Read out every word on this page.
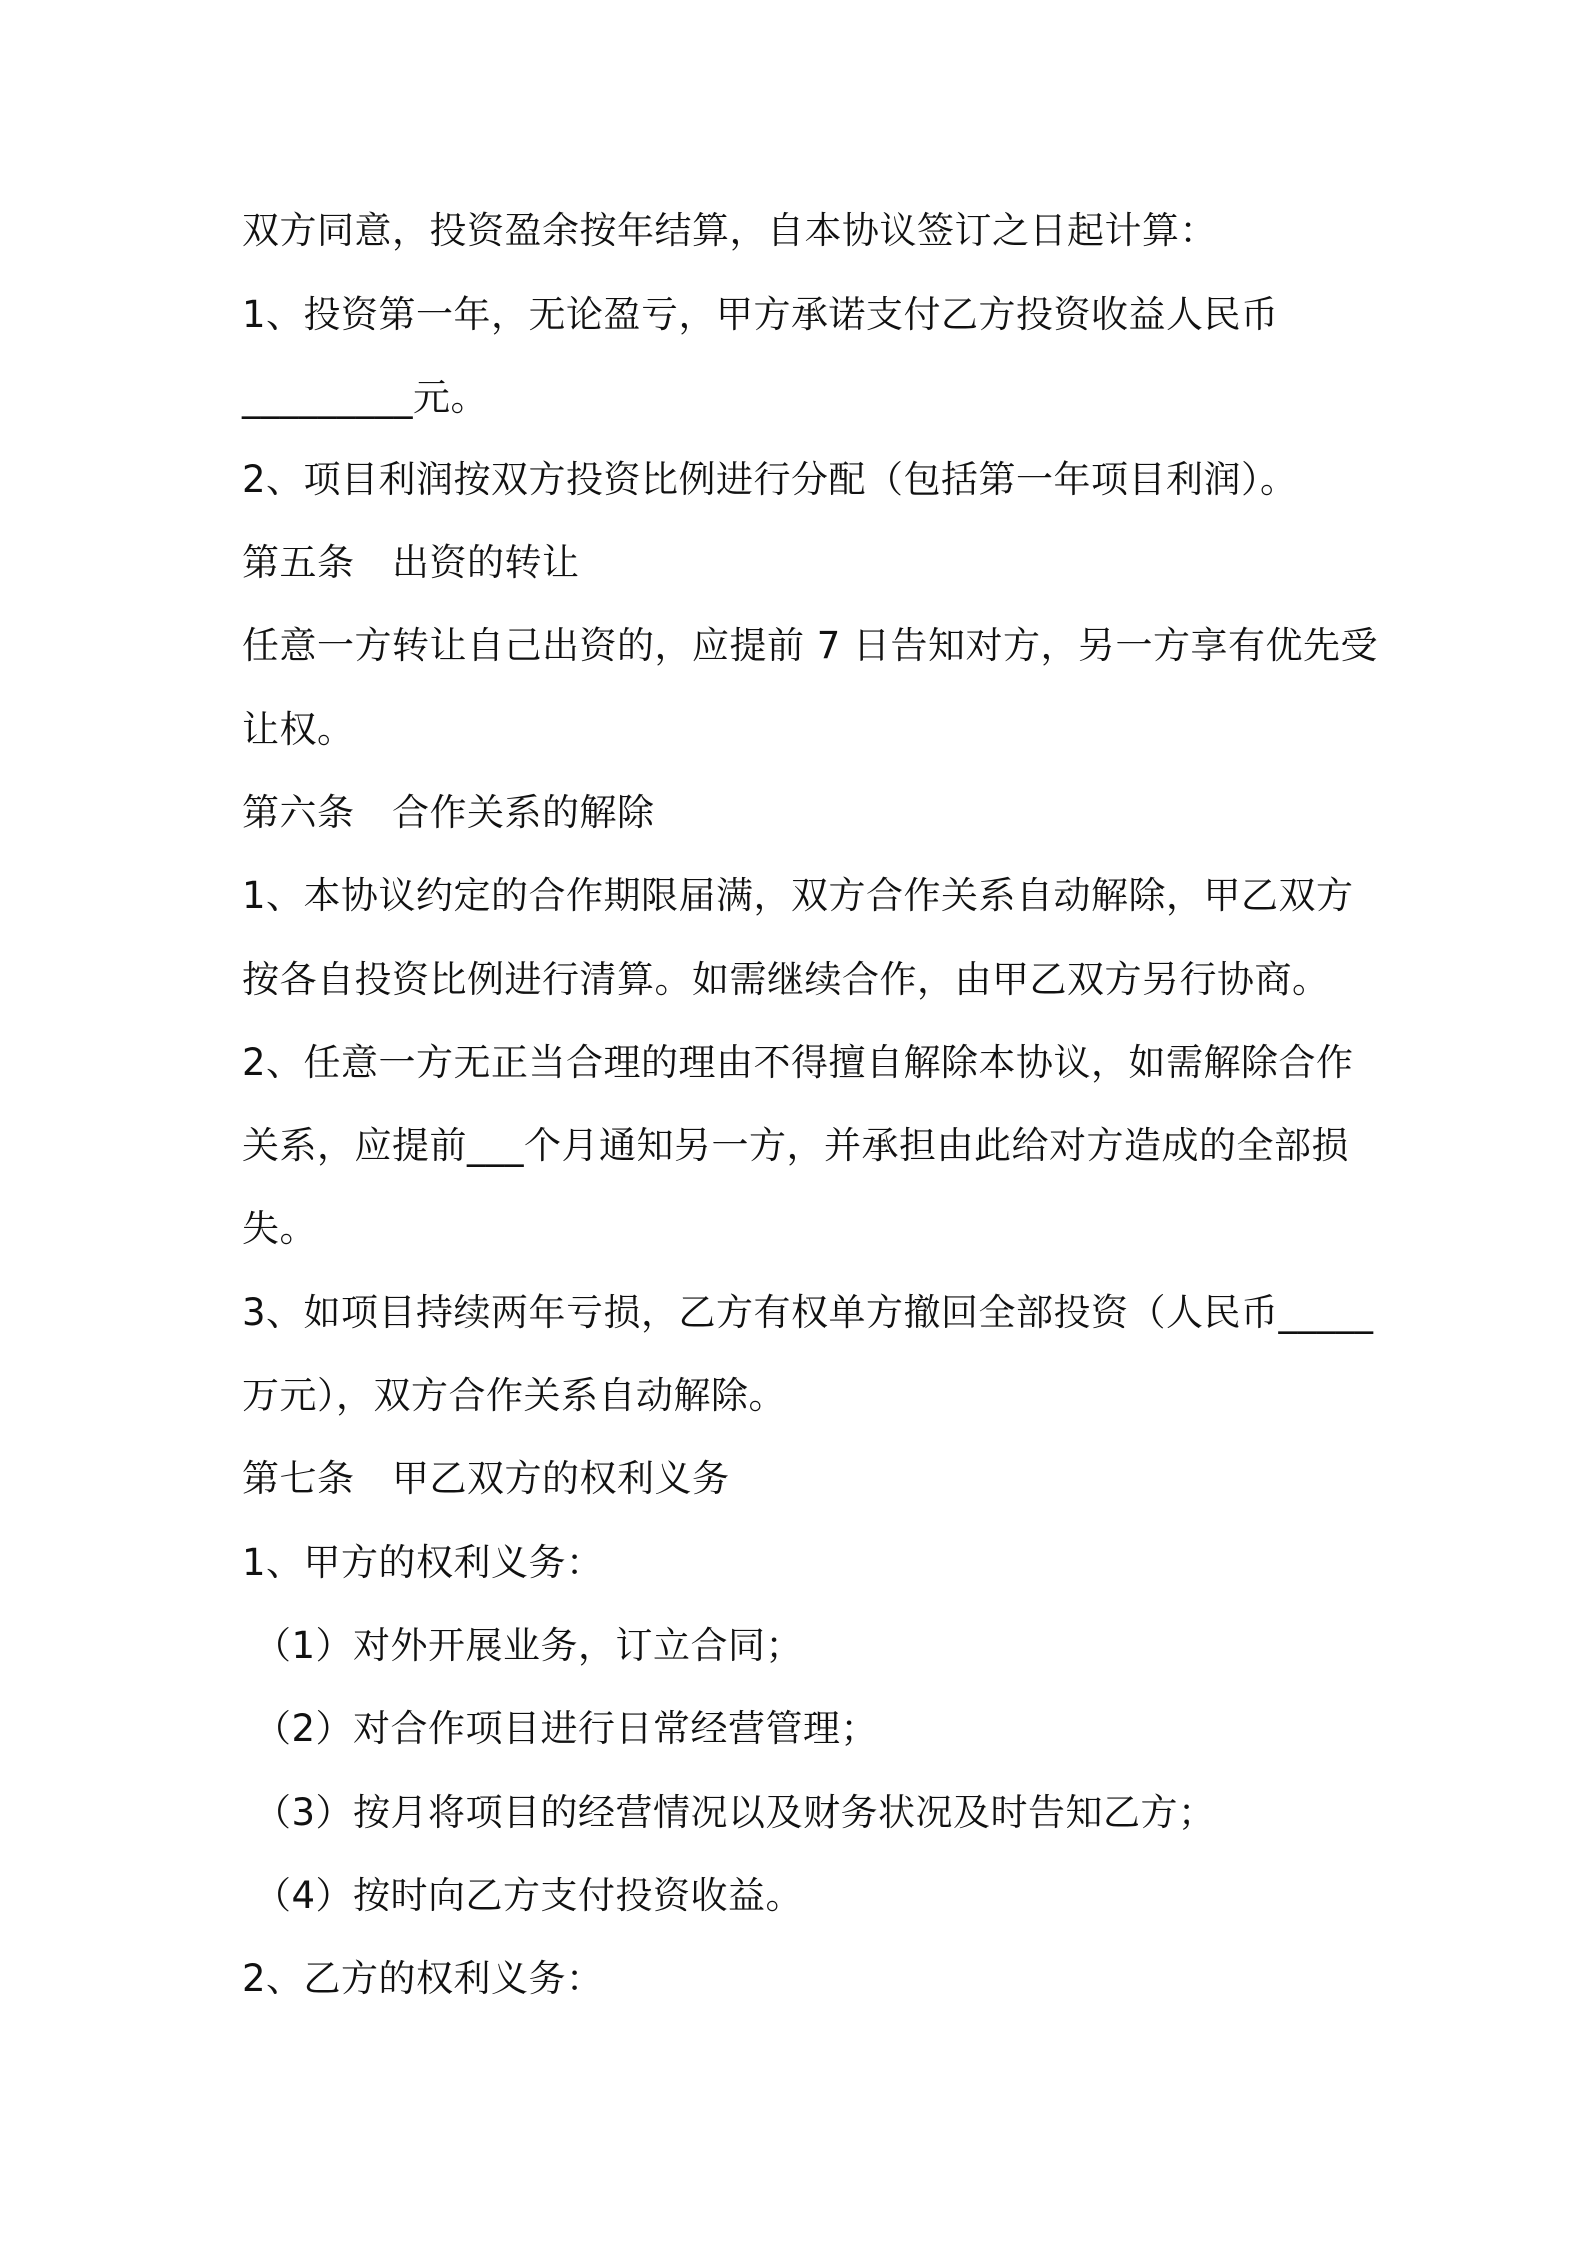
双方同意，投资盈余按年结算，自本协议签订之日起计算：
1、投资第一年，无论盈亏，甲方承诺支付乙方投资收益人民币
_________元。
2、项目利润按双方投资比例进行分配（包括第一年项目利润）。
第五条　出资的转让
任意一方转让自己出资的，应提前 7 日告知对方，另一方享有优先受
让权。
第六条　合作关系的解除
1、本协议约定的合作期限届满，双方合作关系自动解除，甲乙双方
按各自投资比例进行清算。如需继续合作，由甲乙双方另行协商。
2、任意一方无正当合理的理由不得擅自解除本协议，如需解除合作
关系，应提前___个月通知另一方，并承担由此给对方造成的全部损
失。
3、如项目持续两年亏损，乙方有权单方撤回全部投资（人民币_____
万元），双方合作关系自动解除。
第七条　甲乙双方的权利义务
1、甲方的权利义务：
（1）对外开展业务，订立合同；
（2）对合作项目进行日常经营管理；
（3）按月将项目的经营情况以及财务状况及时告知乙方；
（4）按时向乙方支付投资收益。
2、乙方的权利义务：
